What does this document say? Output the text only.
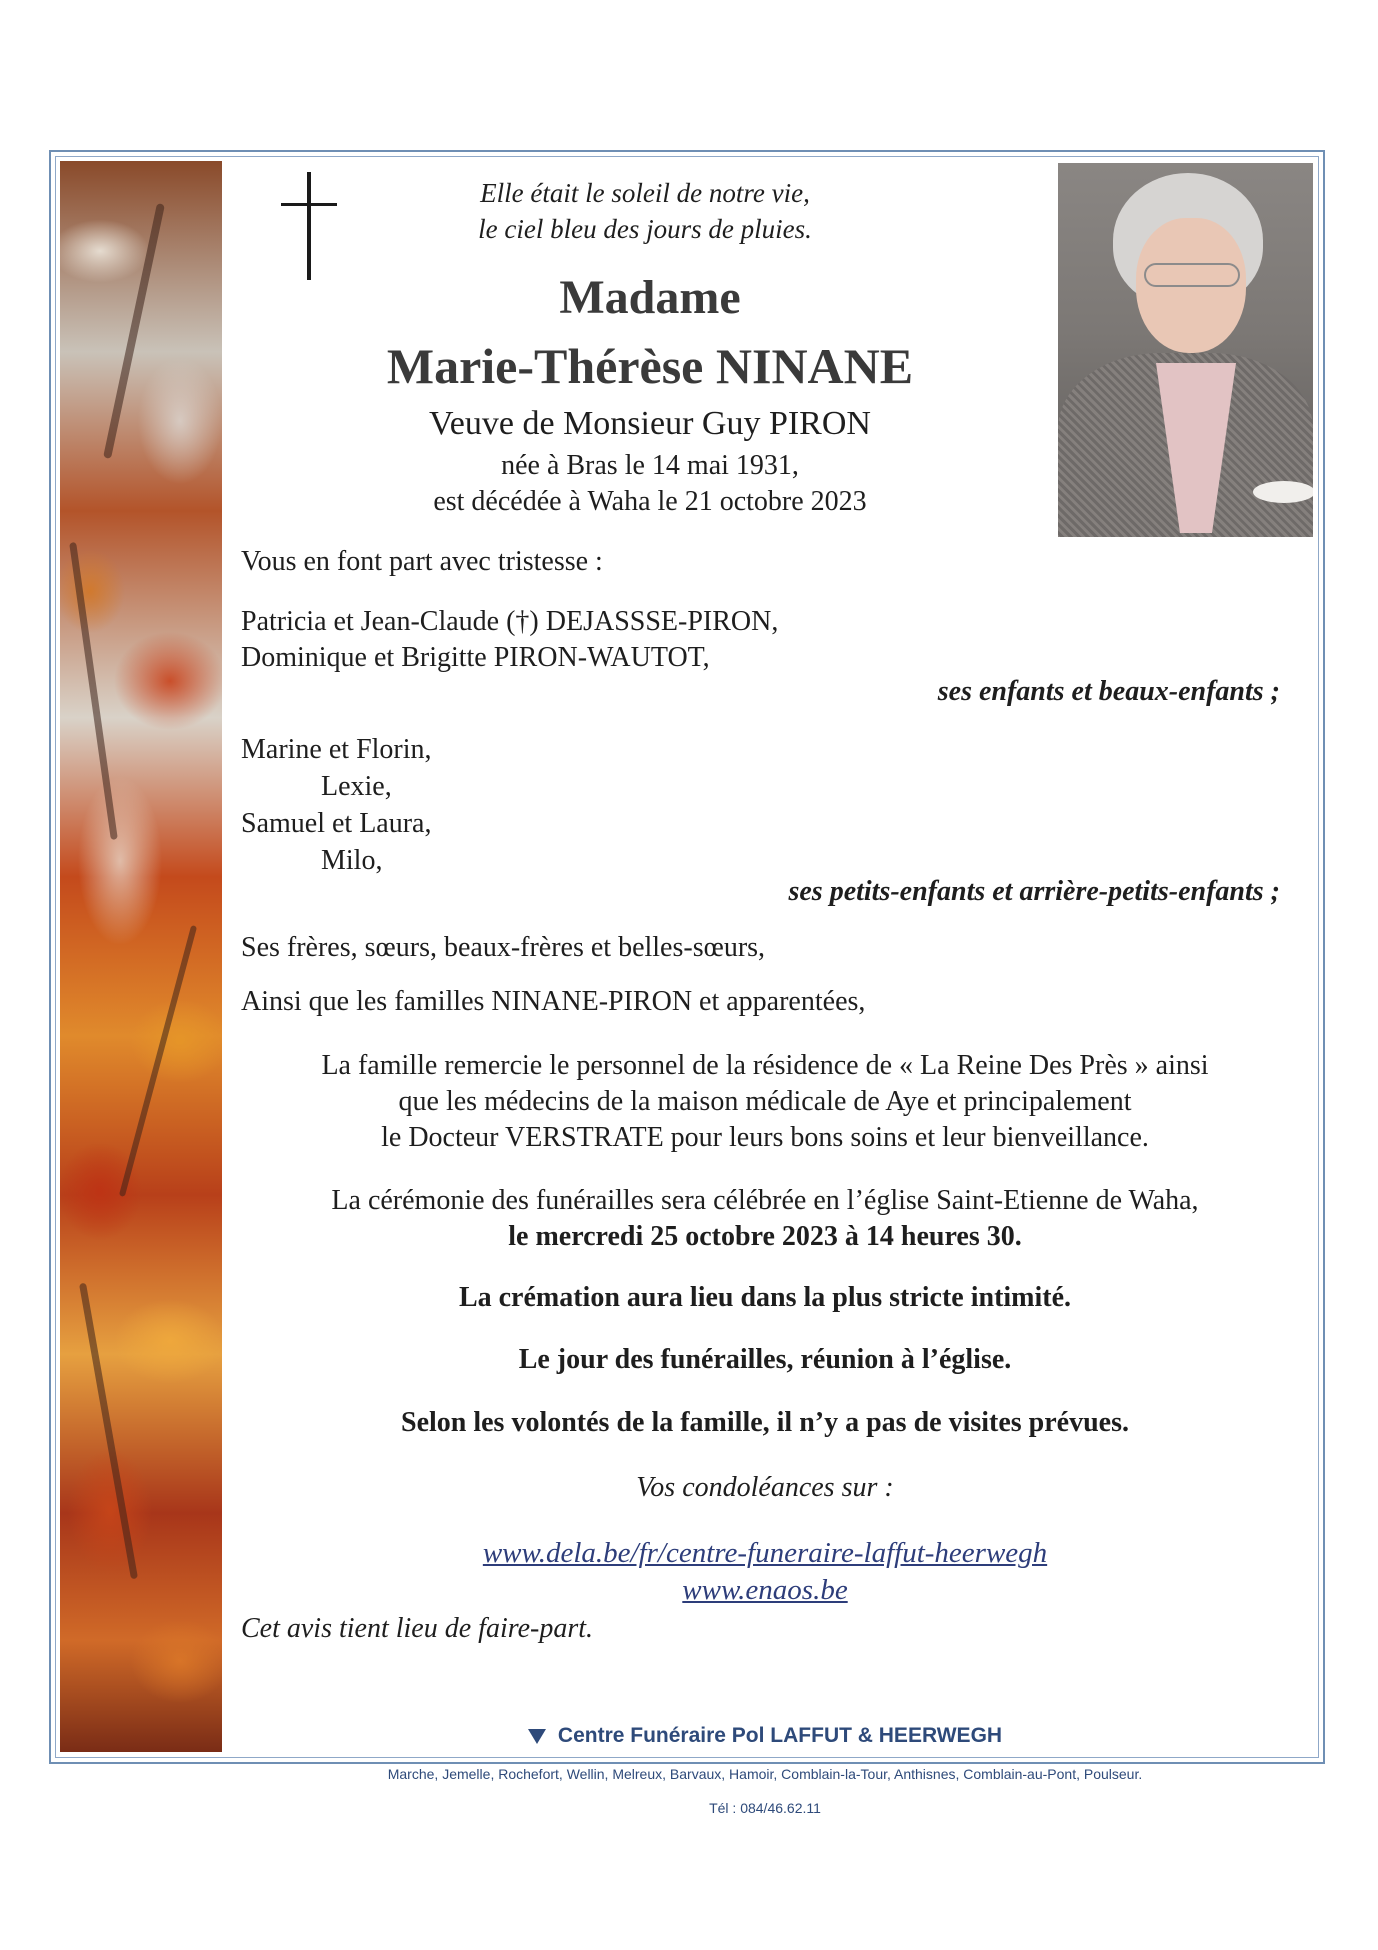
Elle était le soleil de notre vie,

le ciel bleu des jours de pluies.

Madame

Marie-Thérèse NINANE

Veuve de Monsieur Guy PIRON

née à Bras le 14 mai 1931,

est décédée à Waha le 21 octobre 2023

Vous en font part avec tristesse :

Patricia et Jean-Claude (†) DEJASSSE-PIRON,

Dominique et Brigitte PIRON-WAUTOT,

ses enfants et beaux-enfants ;

Marine et Florin,

Lexie,

Samuel et Laura,

Milo,

ses petits-enfants et arrière-petits-enfants ;

Ses frères, sœurs, beaux-frères et belles-sœurs,

Ainsi que les familles NINANE-PIRON et apparentées,

La famille remercie le personnel de la résidence de « La Reine Des Près » ainsi

que les médecins de la maison médicale de Aye et principalement

le Docteur VERSTRATE pour leurs bons soins et leur bienveillance.

La cérémonie des funérailles sera célébrée en l’église Saint-Etienne de Waha,

le mercredi 25 octobre 2023 à 14 heures 30.

La crémation aura lieu dans la plus stricte intimité.

Le jour des funérailles, réunion à l’église.

Selon les volontés de la famille, il n’y a pas de visites prévues.

Vos condoléances sur :

www.dela.be/fr/centre-funeraire-laffut-heerwegh

www.enaos.be

Cet avis tient lieu de faire-part.

Centre Funéraire Pol LAFFUT & HEERWEGH

Marche, Jemelle, Rochefort, Wellin, Melreux, Barvaux, Hamoir, Comblain-la-Tour, Anthisnes, Comblain-au-Pont, Poulseur.

Tél : 084/46.62.11
